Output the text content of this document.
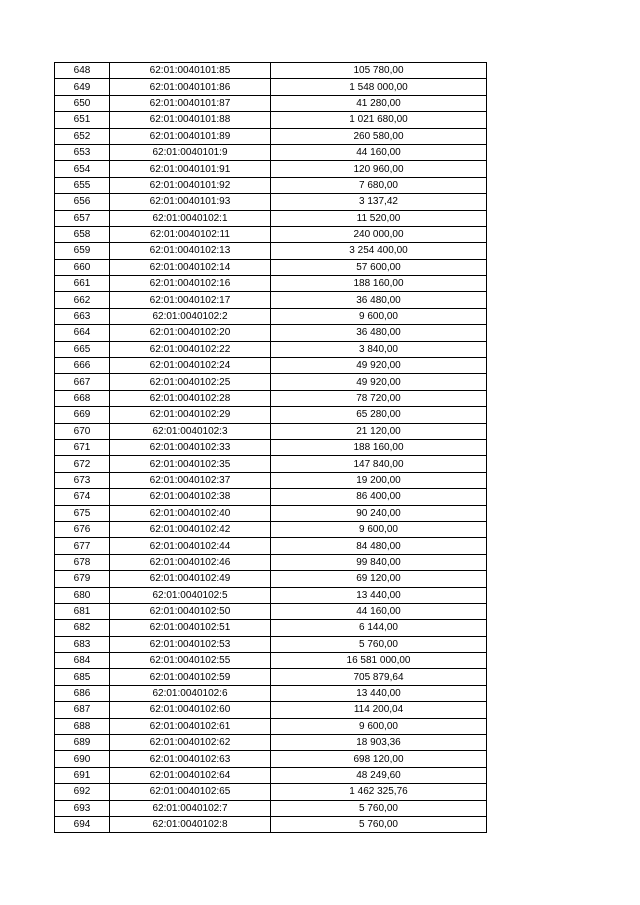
648	62:01:0040101:85	105 780,00
649	62:01:0040101:86	1 548 000,00
650	62:01:0040101:87	41 280,00
651	62:01:0040101:88	1 021 680,00
652	62:01:0040101:89	260 580,00
653	62:01:0040101:9	44 160,00
654	62:01:0040101:91	120 960,00
655	62:01:0040101:92	7 680,00
656	62:01:0040101:93	3 137,42
657	62:01:0040102:1	11 520,00
658	62:01:0040102:11	240 000,00
659	62:01:0040102:13	3 254 400,00
660	62:01:0040102:14	57 600,00
661	62:01:0040102:16	188 160,00
662	62:01:0040102:17	36 480,00
663	62:01:0040102:2	9 600,00
664	62:01:0040102:20	36 480,00
665	62:01:0040102:22	3 840,00
666	62:01:0040102:24	49 920,00
667	62:01:0040102:25	49 920,00
668	62:01:0040102:28	78 720,00
669	62:01:0040102:29	65 280,00
670	62:01:0040102:3	21 120,00
671	62:01:0040102:33	188 160,00
672	62:01:0040102:35	147 840,00
673	62:01:0040102:37	19 200,00
674	62:01:0040102:38	86 400,00
675	62:01:0040102:40	90 240,00
676	62:01:0040102:42	9 600,00
677	62:01:0040102:44	84 480,00
678	62:01:0040102:46	99 840,00
679	62:01:0040102:49	69 120,00
680	62:01:0040102:5	13 440,00
681	62:01:0040102:50	44 160,00
682	62:01:0040102:51	6 144,00
683	62:01:0040102:53	5 760,00
684	62:01:0040102:55	16 581 000,00
685	62:01:0040102:59	705 879,64
686	62:01:0040102:6	13 440,00
687	62:01:0040102:60	114 200,04
688	62:01:0040102:61	9 600,00
689	62:01:0040102:62	18 903,36
690	62:01:0040102:63	698 120,00
691	62:01:0040102:64	48 249,60
692	62:01:0040102:65	1 462 325,76
693	62:01:0040102:7	5 760,00
694	62:01:0040102:8	5 760,00
